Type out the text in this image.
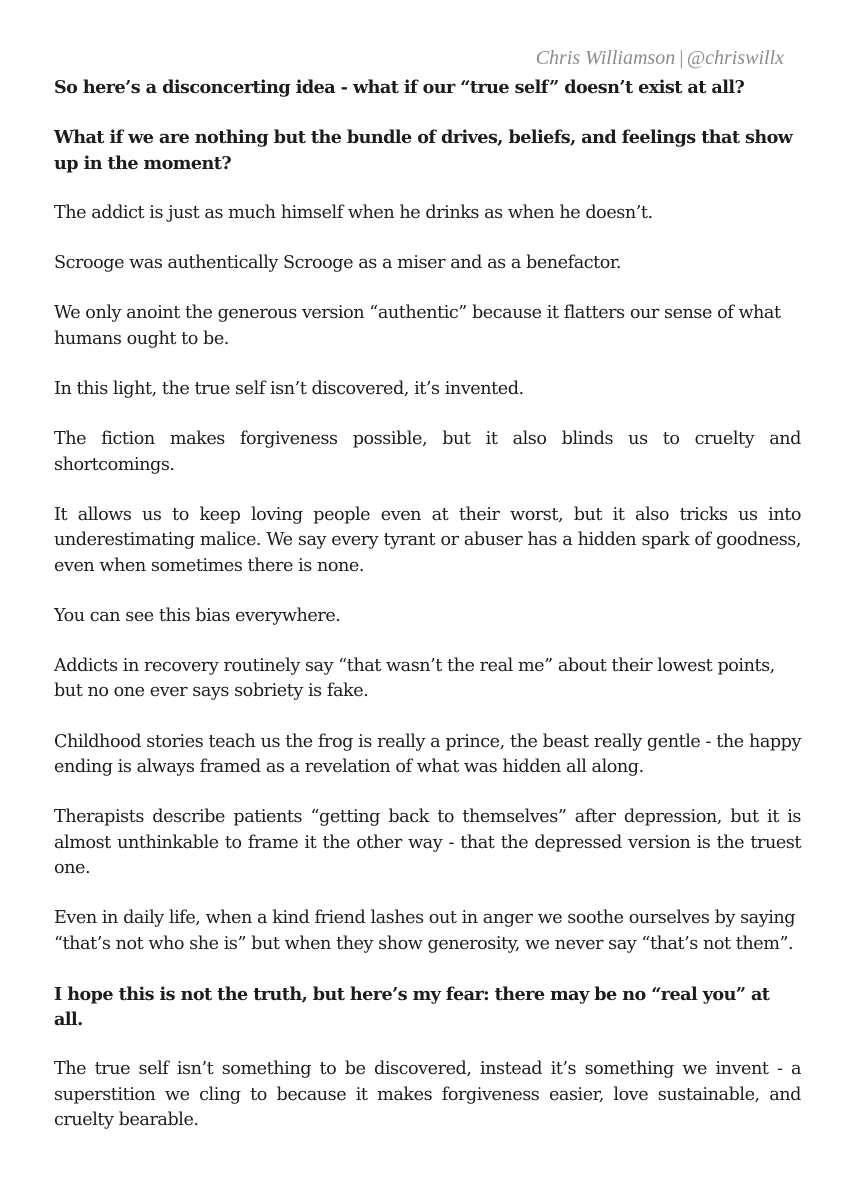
Chris Williamson | @chriswillx

So here’s a disconcerting idea - what if our “true self” doesn’t exist at all?

What if we are nothing but the bundle of drives, beliefs, and feelings that show up in the moment?

The addict is just as much himself when he drinks as when he doesn’t.

Scrooge was authentically Scrooge as a miser and as a benefactor.

We only anoint the generous version “authentic” because it flatters our sense of what humans ought to be.

In this light, the true self isn’t discovered, it’s invented.

The fiction makes forgiveness possible, but it also blinds us to cruelty and shortcomings.

It allows us to keep loving people even at their worst, but it also tricks us into underestimating malice. We say every tyrant or abuser has a hidden spark of goodness, even when sometimes there is none.

You can see this bias everywhere.

Addicts in recovery routinely say “that wasn’t the real me” about their lowest points, but no one ever says sobriety is fake.

Childhood stories teach us the frog is really a prince, the beast really gentle - the happy ending is always framed as a revelation of what was hidden all along.

Therapists describe patients “getting back to themselves” after depression, but it is almost unthinkable to frame it the other way - that the depressed version is the truest one.

Even in daily life, when a kind friend lashes out in anger we soothe ourselves by saying “that’s not who she is” but when they show generosity, we never say “that’s not them”.

I hope this is not the truth, but here’s my fear: there may be no “real you” at all.

The true self isn’t something to be discovered, instead it’s something we invent - a superstition we cling to because it makes forgiveness easier, love sustainable, and cruelty bearable.
